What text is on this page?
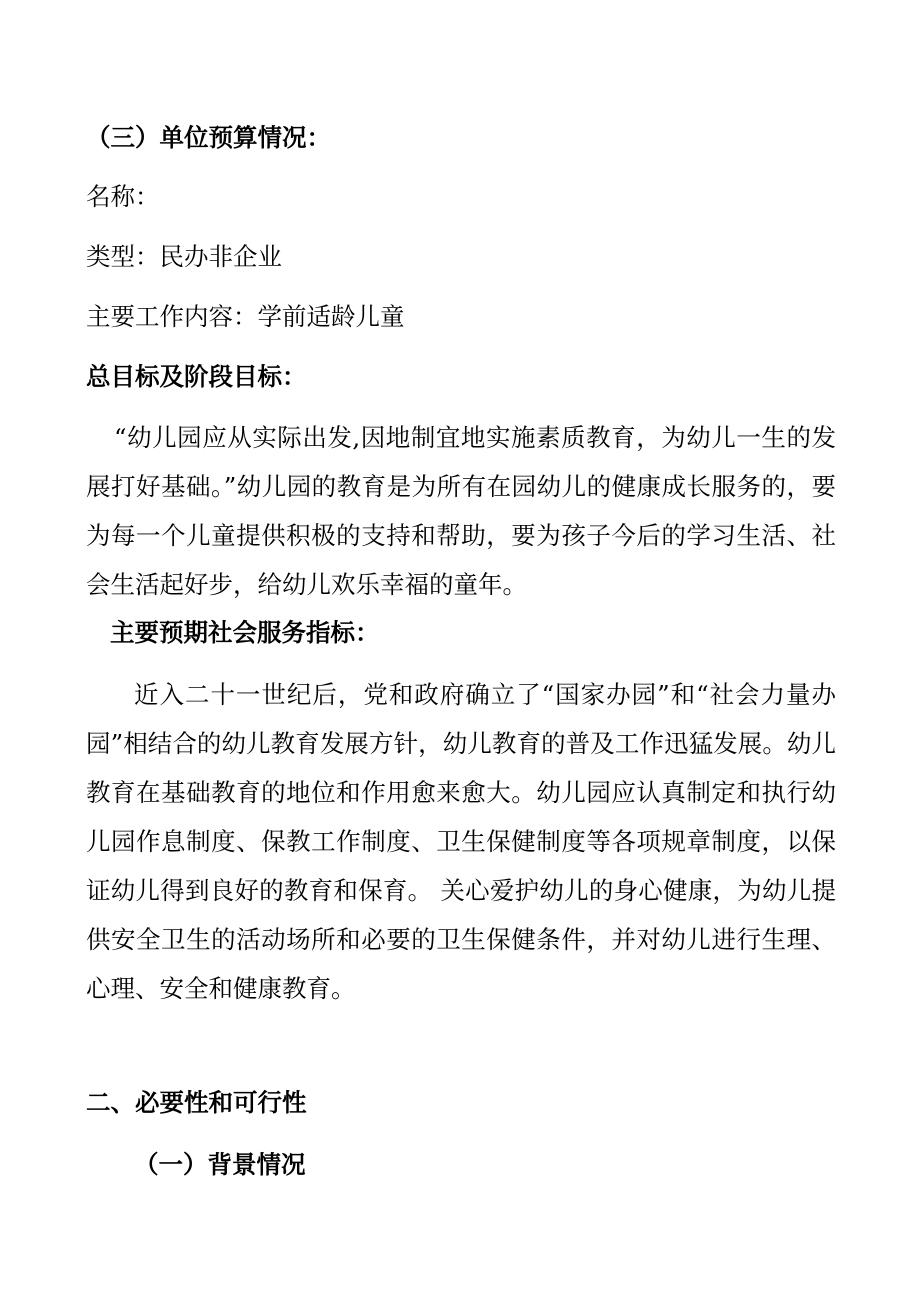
（三）单位预算情况：

名称：

类型：民办非企业

主要工作内容：学前适龄儿童

总目标及阶段目标：

“幼儿园应从实际出发,因地制宜地实施素质教育，为幼儿一生的发展打好基础。”幼儿园的教育是为所有在园幼儿的健康成长服务的，要为每一个儿童提供积极的支持和帮助，要为孩子今后的学习生活、社会生活起好步，给幼儿欢乐幸福的童年。

主要预期社会服务指标：

近入二十一世纪后，党和政府确立了“国家办园”和“社会力量办园”相结合的幼儿教育发展方针，幼儿教育的普及工作迅猛发展。幼儿教育在基础教育的地位和作用愈来愈大。幼儿园应认真制定和执行幼儿园作息制度、保教工作制度、卫生保健制度等各项规章制度，以保证幼儿得到良好的教育和保育。 关心爱护幼儿的身心健康，为幼儿提供安全卫生的活动场所和必要的卫生保健条件，并对幼儿进行生理、心理、安全和健康教育。

二、必要性和可行性

（一）背景情况
